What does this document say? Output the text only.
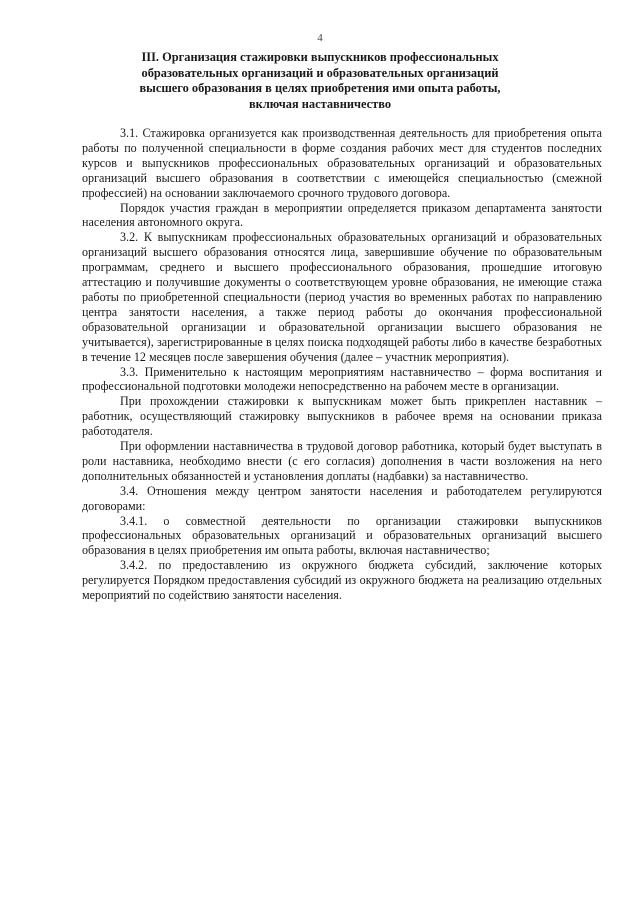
4
III. Организация стажировки выпускников профессиональных образовательных организаций и образовательных организаций высшего образования в целях приобретения ими опыта работы, включая наставничество

3.1. Стажировка организуется как производственная деятельность для приобретения опыта работы по полученной специальности в форме создания рабочих мест для студентов последних курсов и выпускников профессиональных образовательных организаций и образовательных организаций высшего образования в соответствии с имеющейся специальностью (смежной профессией) на основании заключаемого срочного трудового договора.

Порядок участия граждан в мероприятии определяется приказом департамента занятости населения автономного округа.

3.2. К выпускникам профессиональных образовательных организаций и образовательных организаций высшего образования относятся лица, завершившие обучение по образовательным программам, среднего и высшего профессионального образования, прошедшие итоговую аттестацию и получившие документы о соответствующем уровне образования, не имеющие стажа работы по приобретенной специальности (период участия во временных работах по направлению центра занятости населения, а также период работы до окончания профессиональной образовательной организации и образовательной организации высшего образования не учитывается), зарегистрированные в целях поиска подходящей работы либо в качестве безработных в течение 12 месяцев после завершения обучения (далее – участник мероприятия).

3.3. Применительно к настоящим мероприятиям наставничество – форма воспитания и профессиональной подготовки молодежи непосредственно на рабочем месте в организации.

При прохождении стажировки к выпускникам может быть прикреплен наставник – работник, осуществляющий стажировку выпускников в рабочее время на основании приказа работодателя.

При оформлении наставничества в трудовой договор работника, который будет выступать в роли наставника, необходимо внести (с его согласия) дополнения в части возложения на него дополнительных обязанностей и установления доплаты (надбавки) за наставничество.

3.4. Отношения между центром занятости населения и работодателем регулируются договорами:

3.4.1. о совместной деятельности по организации стажировки выпускников профессиональных образовательных организаций и образовательных организаций высшего образования в целях приобретения им опыта работы, включая наставничество;

3.4.2. по предоставлению из окружного бюджета субсидий, заключение которых регулируется Порядком предоставления субсидий из окружного бюджета на реализацию отдельных мероприятий по содействию занятости населения.
